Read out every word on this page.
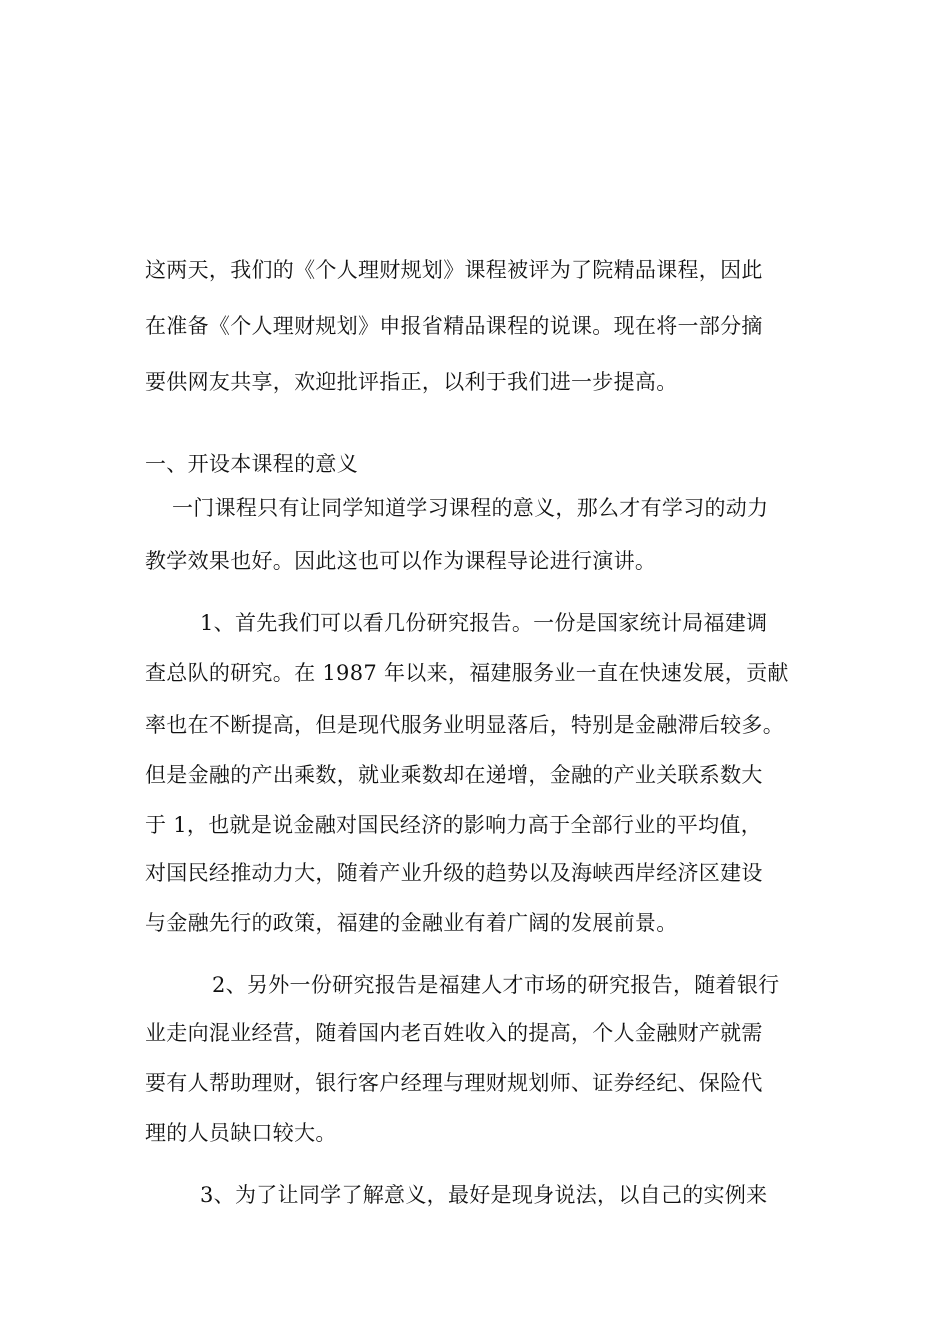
这两天，我们的《个人理财规划》课程被评为了院精品课程，因此
在准备《个人理财规划》申报省精品课程的说课。现在将一部分摘
要供网友共享，欢迎批评指正，以利于我们进一步提高。
一、开设本课程的意义
一门课程只有让同学知道学习课程的意义，那么才有学习的动力
教学效果也好。因此这也可以作为课程导论进行演讲。
1、首先我们可以看几份研究报告。一份是国家统计局福建调
查总队的研究。在 1987 年以来，福建服务业一直在快速发展，贡献
率也在不断提高，但是现代服务业明显落后，特别是金融滞后较多。
但是金融的产出乘数，就业乘数却在递增，金融的产业关联系数大
于 1，也就是说金融对国民经济的影响力高于全部行业的平均值，
对国民经推动力大，随着产业升级的趋势以及海峡西岸经济区建设
与金融先行的政策，福建的金融业有着广阔的发展前景。
2、另外一份研究报告是福建人才市场的研究报告，随着银行
业走向混业经营，随着国内老百姓收入的提高，个人金融财产就需
要有人帮助理财，银行客户经理与理财规划师、证券经纪、保险代
理的人员缺口较大。
3、为了让同学了解意义，最好是现身说法，以自己的实例来
